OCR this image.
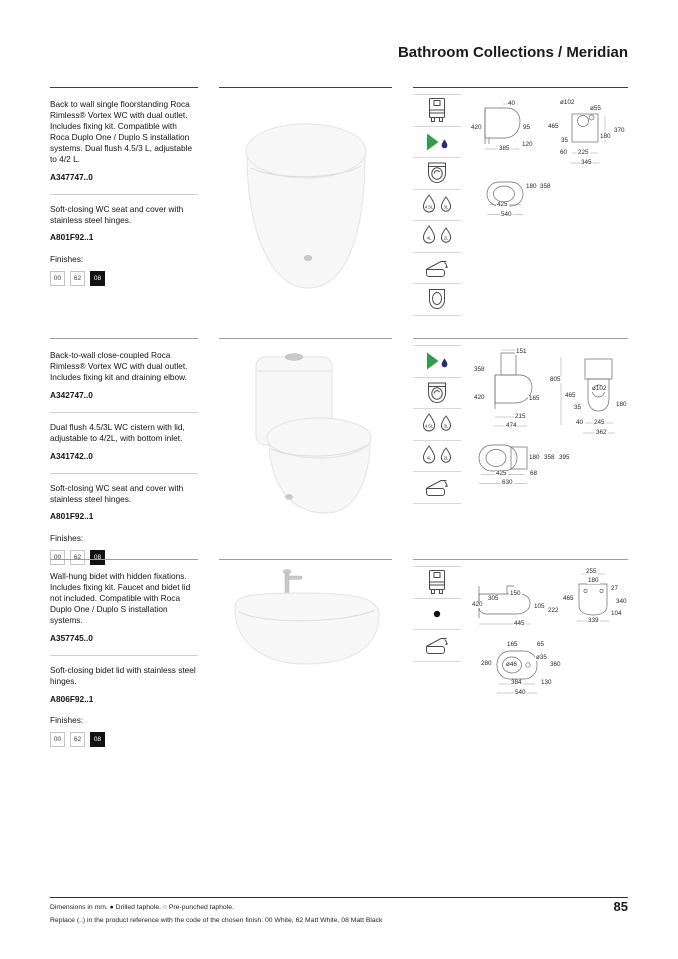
Bathroom Collections / Meridian

Back to wall single floorstanding Roca Rimless® Vortex WC with dual outlet. Includes fixing kit. Compatible with Roca Duplo One / Duplo S installation systems. Dual flush 4.5/3 L, adjustable to 4/2 L.

A347747..0

Soft-closing WC seat and cover with stainless steel hinges.

A801F92..1

Finishes:

00	62	08
4.5L 3L
4L	2L
40
420	95
120
385
ø102
ø55
465
370
180
35
60 225
345
180 358
425
540

Back-to-wall close-coupled Roca Rimless® Vortex WC with dual outlet. Includes fixing kit and draining elbow.

A342747..0

Dual flush 4.5/3L WC cistern with lid, adjustable to 4/2L, with bottom inlet.

A341742..0

Soft-closing WC seat and cover with stainless steel hinges.

A801F92..1

Finishes:

00	62	08
4.5L 3L
4L	2L
151
358
420	165
215
474
805
465
ø102
35	180
40 245
362
180 358 395
425	68
630

Wall-hung bidet with hidden fixations. Includes fixing kit. Faucet and bidet lid not included. Compatible with Roca Duplo One / Duplo S installation systems.

A357745..0

Soft-closing bidet lid with stainless steel hinges.

A806F92..1

Finishes:

00	62	08
150
305
420	105
222
445
255
180
27
465	340
104
339
165	65
280 ø46
ø35
360
384	130
540
Dimensions in mm. ● Drilled taphole. ○ Pre-punched taphole.
Replace (..) in the product reference with the code of the chosen finish: 00 White, 62 Matt White, 08 Matt Black
85
